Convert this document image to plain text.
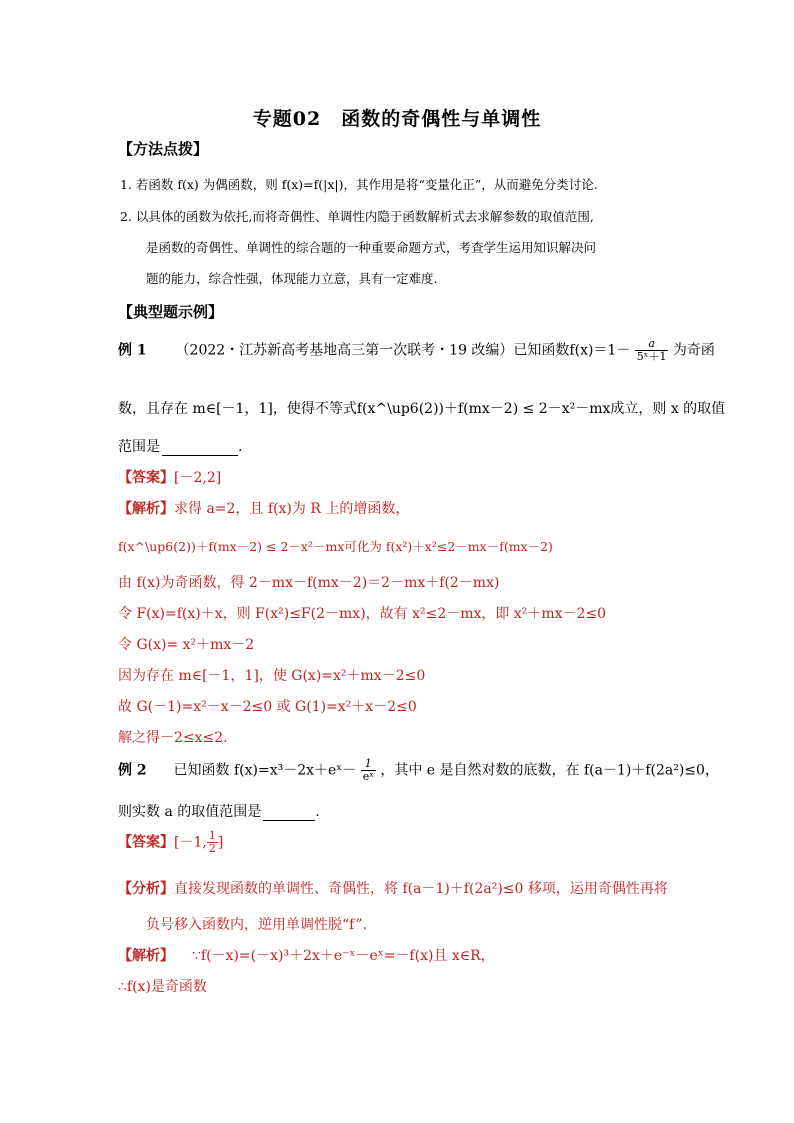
专题02　函数的奇偶性与单调性
【方法点拨】
1. 若函数 f(x) 为偶函数，则 f(x)=f(|x|)，其作用是将“变量化正”，从而避免分类讨论.
2. 以具体的函数为依托,而将奇偶性、单调性内隐于函数解析式去求解参数的取值范围,
是函数的奇偶性、单调性的综合题的一种重要命题方式，考查学生运用知识解决问
题的能力，综合性强，体现能力立意，具有一定难度.
【典型题示例】
例 1 （2022・江苏新高考基地高三第一次联考・19 改编）已知函数$f(x)=1- \frac{a}{\text{5ˣ＋1}}$ 为奇函
数，且存在 m∈[－1，1]，使得不等式f(x^\up6(2))＋f(mx－2) ≤ 2－x²－mx成立，则 x 的取值
范围是	.
【答案】[－2,2]
【解析】求得 a=2，且 f(x)为 R 上的增函数，
f(x^\up6(2))＋f(mx－2) ≤ 2－x²－mx可化为 f(x²)＋x²≤2－mx－f(mx－2)
由 f(x)为奇函数，得 2－mx－f(mx－2)＝2－mx＋f(2－mx)
令 F(x)=f(x)＋x，则 F(x²)≤F(2－mx)，故有 x²≤2－mx，即 x²＋mx－2≤0
令 G(x)= x²＋mx－2
因为存在 m∈[－1，1]，使 G(x)=x²＋mx－2≤0
故 G(－1)=x²－x－2≤0 或 G(1)=x²＋x－2≤0
解之得－2≤x≤2.
例 2 已知函数 f(x)=x³－2x＋eˣ－ $\frac{1}{\text{eˣ}}$ ，其中 e 是自然对数的底数，在 f(a－1)＋f(2a²)≤0，
则实数 a 的取值范围是	.
【答案】[－1, $\frac{1}{2}$ ]
【分析】直接发现函数的单调性、奇偶性，将 f(a－1)＋f(2a²)≤0 移项，运用奇偶性再将
负号移入函数内，逆用单调性脱“f”.
【解析】 ∵f(－x)=(－x)³＋2x＋e⁻ˣ－eˣ=－f(x)且 x∈R，
∴f(x)是奇函数
